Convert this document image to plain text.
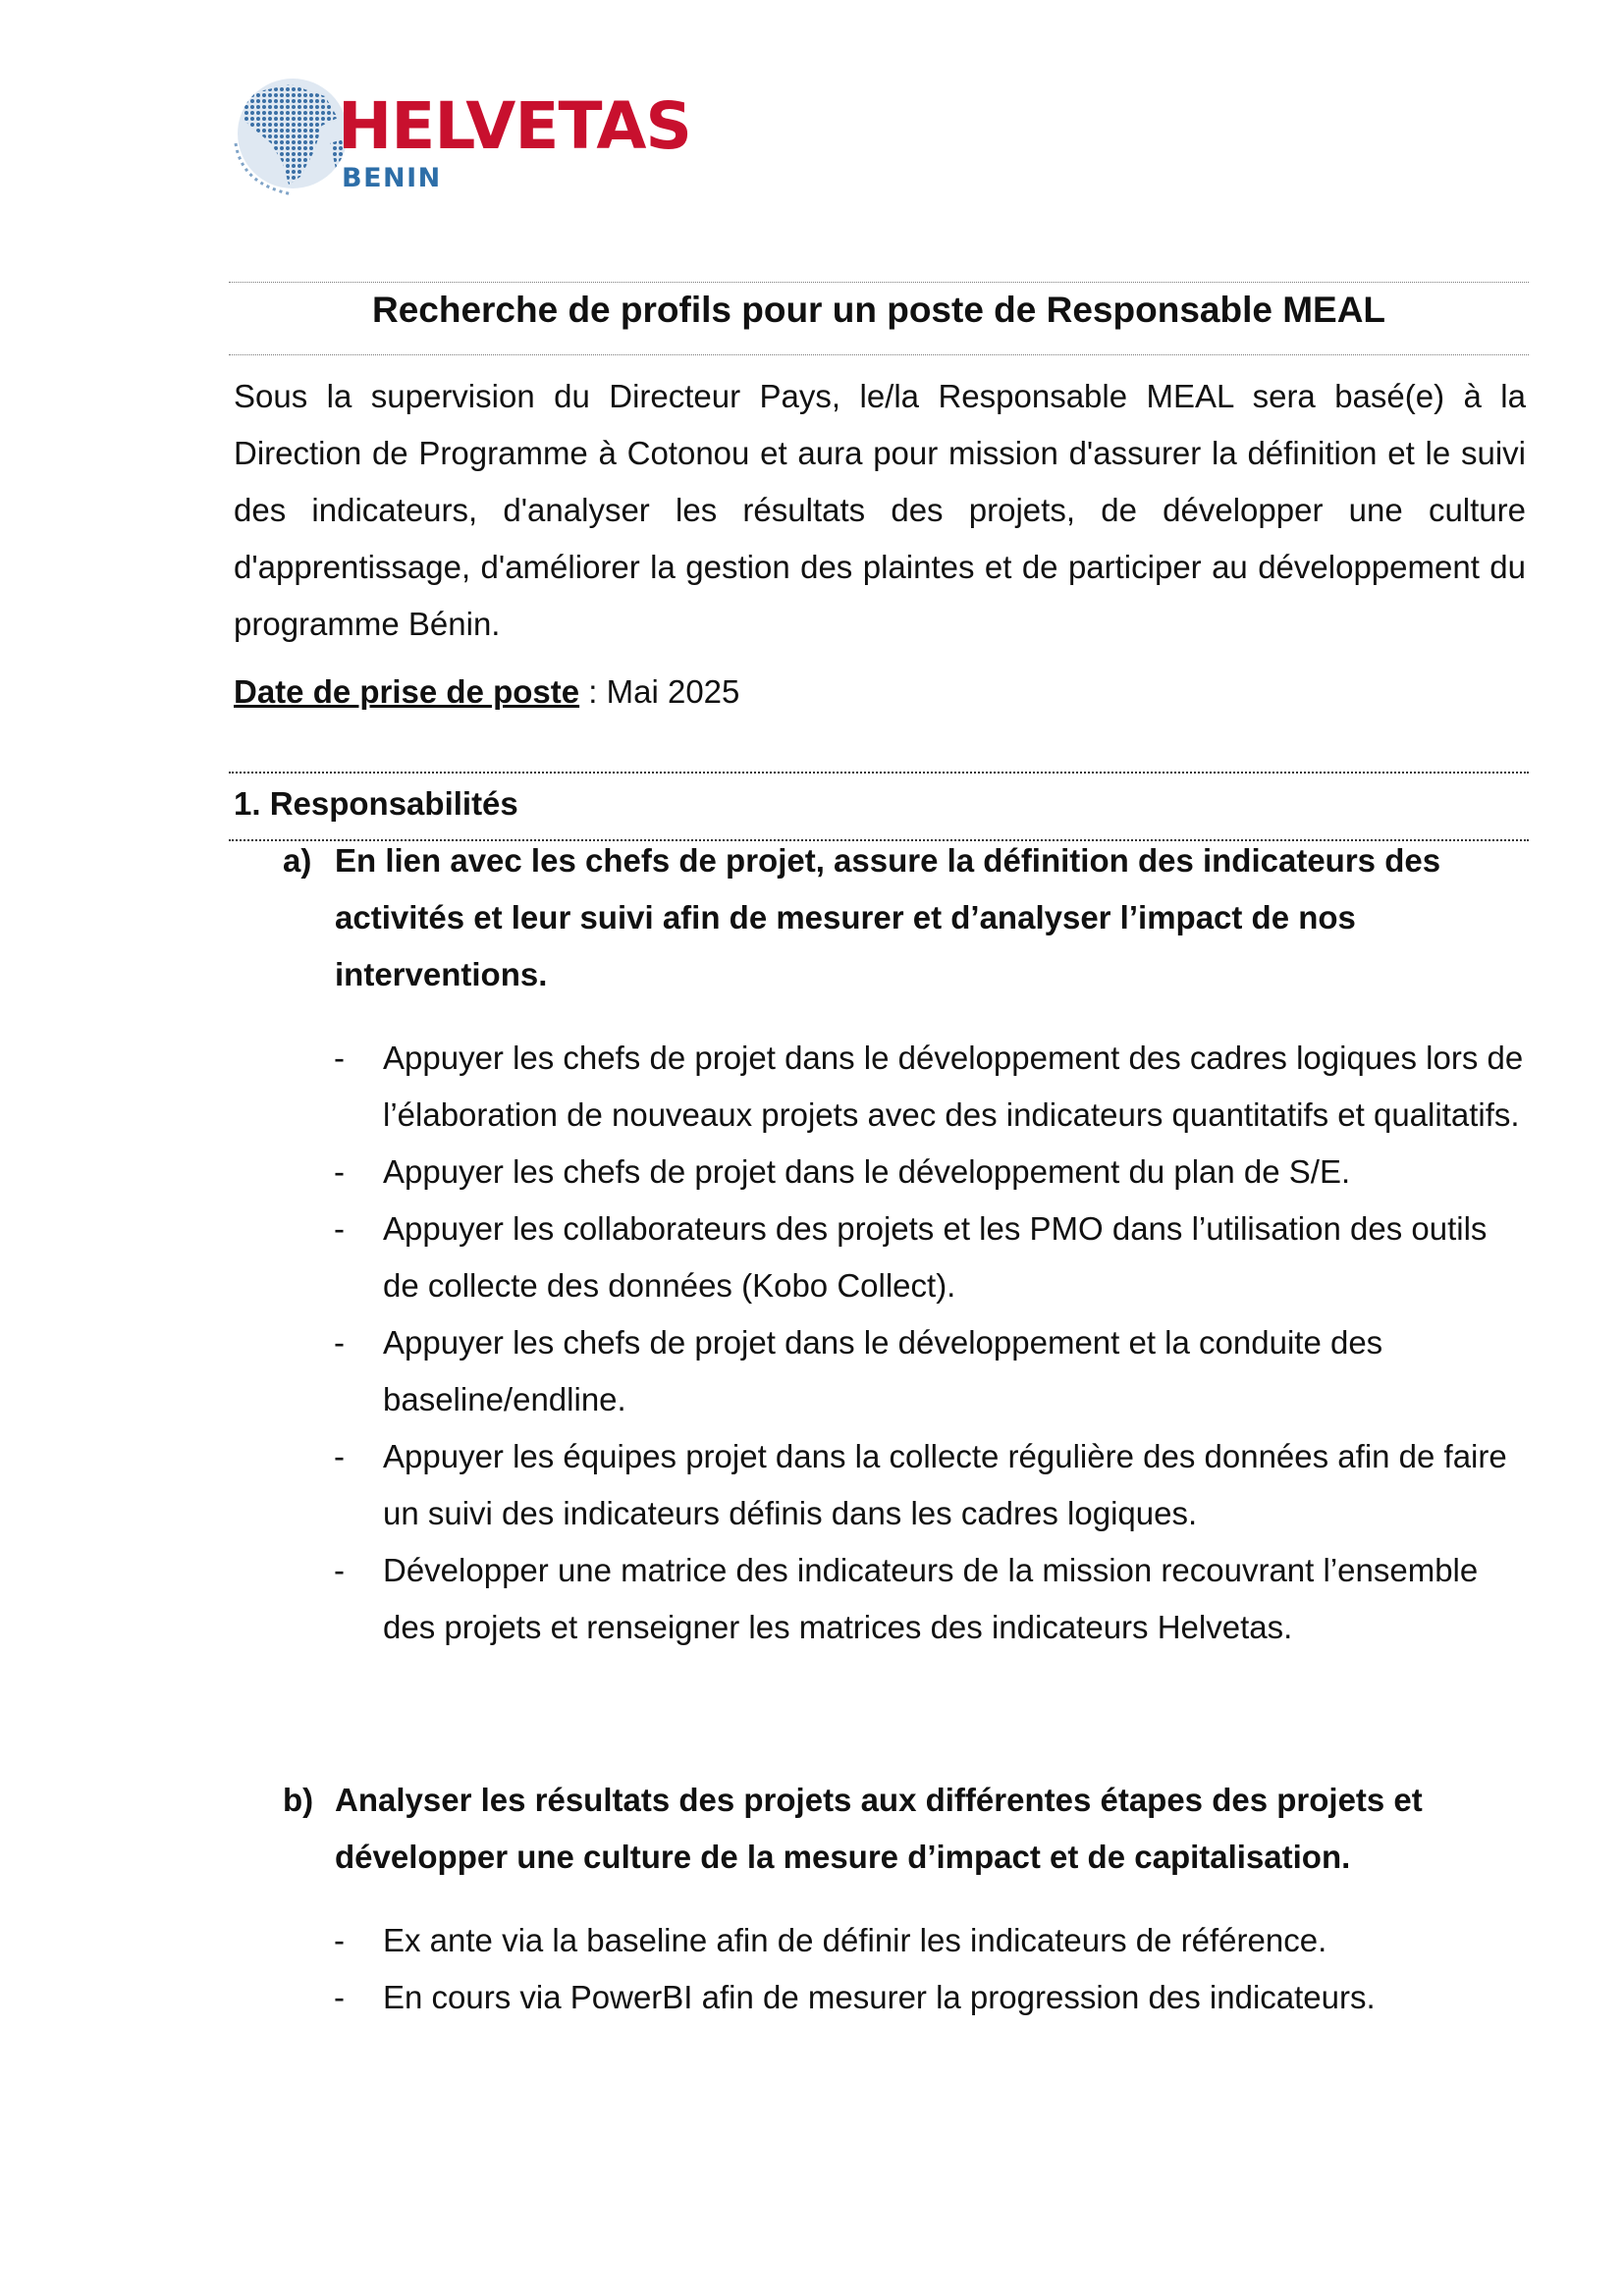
HELVETAS
BENIN
Recherche de profils pour un poste de Responsable MEAL

Sous la supervision du Directeur Pays, le/la Responsable MEAL sera basé(e) à la Direction de Programme à Cotonou et aura pour mission d'assurer la définition et le suivi des indicateurs, d'analyser les résultats des projets, de développer une culture d'apprentissage, d'améliorer la gestion des plaintes et de participer au développement du programme Bénin.

Date de prise de poste : Mai 2025
1. Responsabilités
a) En lien avec les chefs de projet, assure la définition des indicateurs des activités et leur suivi afin de mesurer et d’analyser l’impact de nos interventions.
- Appuyer les chefs de projet dans le développement des cadres logiques lors de l’élaboration de nouveaux projets avec des indicateurs quantitatifs et qualitatifs.
- Appuyer les chefs de projet dans le développement du plan de S/E.
- Appuyer les collaborateurs des projets et les PMO dans l’utilisation des outils de collecte des données (Kobo Collect).
- Appuyer les chefs de projet dans le développement et la conduite des baseline/endline.
- Appuyer les équipes projet dans la collecte régulière des données afin de faire un suivi des indicateurs définis dans les cadres logiques.
- Développer une matrice des indicateurs de la mission recouvrant l’ensemble des projets et renseigner les matrices des indicateurs Helvetas.
b) Analyser les résultats des projets aux différentes étapes des projets et développer une culture de la mesure d’impact et de capitalisation.
- Ex ante via la baseline afin de définir les indicateurs de référence.
- En cours via PowerBI afin de mesurer la progression des indicateurs.
